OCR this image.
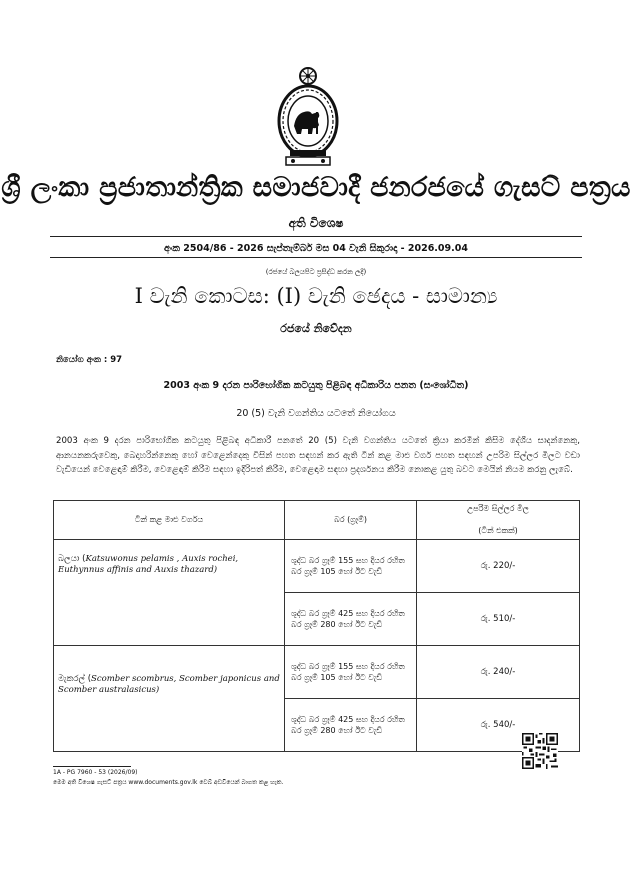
ශ්‍රී ලංකා ප්‍රජාතාන්ත්‍රික සමාජවාදී ජනරජයේ ගැසට් පත්‍රය
අති විශෙෂ
අංක 2504/86 - 2026 සැප්තැම්බර් මස 04 වැනි සිකුරාදා - 2026.09.04
(රජයේ බලයපිට ප්‍රසිද්ධ කරන ලදී)
I වැනි කොටස: (I) වැනි ඡෙදය - සාමාන්‍ය
රජයේ නිවේදන
නියෝග අංක : 97
2003 අංක 9 දරන පාරිභෝගික කටයුතු පිළිබඳ අධිකාරිය පනත (සංශෝධිත)
20 (5) වැනි වගන්තිය යටතේ නියෝගය
2003 අංක 9 දරන පාරිභෝගික කටයුතු පිළිබඳ අධිකාරී පනතේ 20 (5) වැනි වගන්තිය යටතේ ක්‍රියා කරමින් කිසිම දේශීය සාදන්නෙකු, ආනයනකරුවෙකු, බෙදාහරින්නෙකු හෝ වෙළෙන්දෙකු විසින් පහත සඳහන් කර ඇති ටින් කළ මාළු වර්ග පහත සඳහන් උපරිම සිල්ලර මිලට වඩා වැඩියෙන් වෙළෙඳාම් කිරීම, වෙළෙඳාම් කිරීම සඳහා ඉදිරිපත් කිරීම, වෙළෙඳාම සඳහා ප්‍රදර්ශනය කිරීම නොකළ යුතු බවට මෙයින් නියම කරනු ලැබේ.
ටින් කළ මාළු වර්ගය	බර (ග්‍රෑම්)	උපරිම සිල්ලර මිල
(ටින් එකක්)
බලයා (Katsuwonus pelamis , Auxis rochei, Euthynnus affinis and Auxis thazard)	ශුද්ධ බර ග්‍රෑම් 155 සහ දියර රහිත බර ග්‍රෑම් 105 හෝ ඊට වැඩි	රු. 220/-
	ශුද්ධ බර ග්‍රෑම් 425 සහ දියර රහිත බර ග්‍රෑම් 280 හෝ ඊට වැඩි	රු. 510/-
මැකරල් (Scomber scombrus, Scomber japonicus and Scomber australasicus)	ශුද්ධ බර ග්‍රෑම් 155 සහ දියර රහිත බර ග්‍රෑම් 105 හෝ ඊට වැඩි	රු. 240/-
	ශුද්ධ බර ග්‍රෑම් 425 සහ දියර රහිත බර ග්‍රෑම් 280 හෝ ඊට වැඩි	රු. 540/-
1A - PG 7960 - 53 (2026/09)
මෙම අති විශෙෂ ගැසට් පත්‍රය www.documents.gov.lk වෙබ් අඩවියෙන් බාගත කළ හැක.
